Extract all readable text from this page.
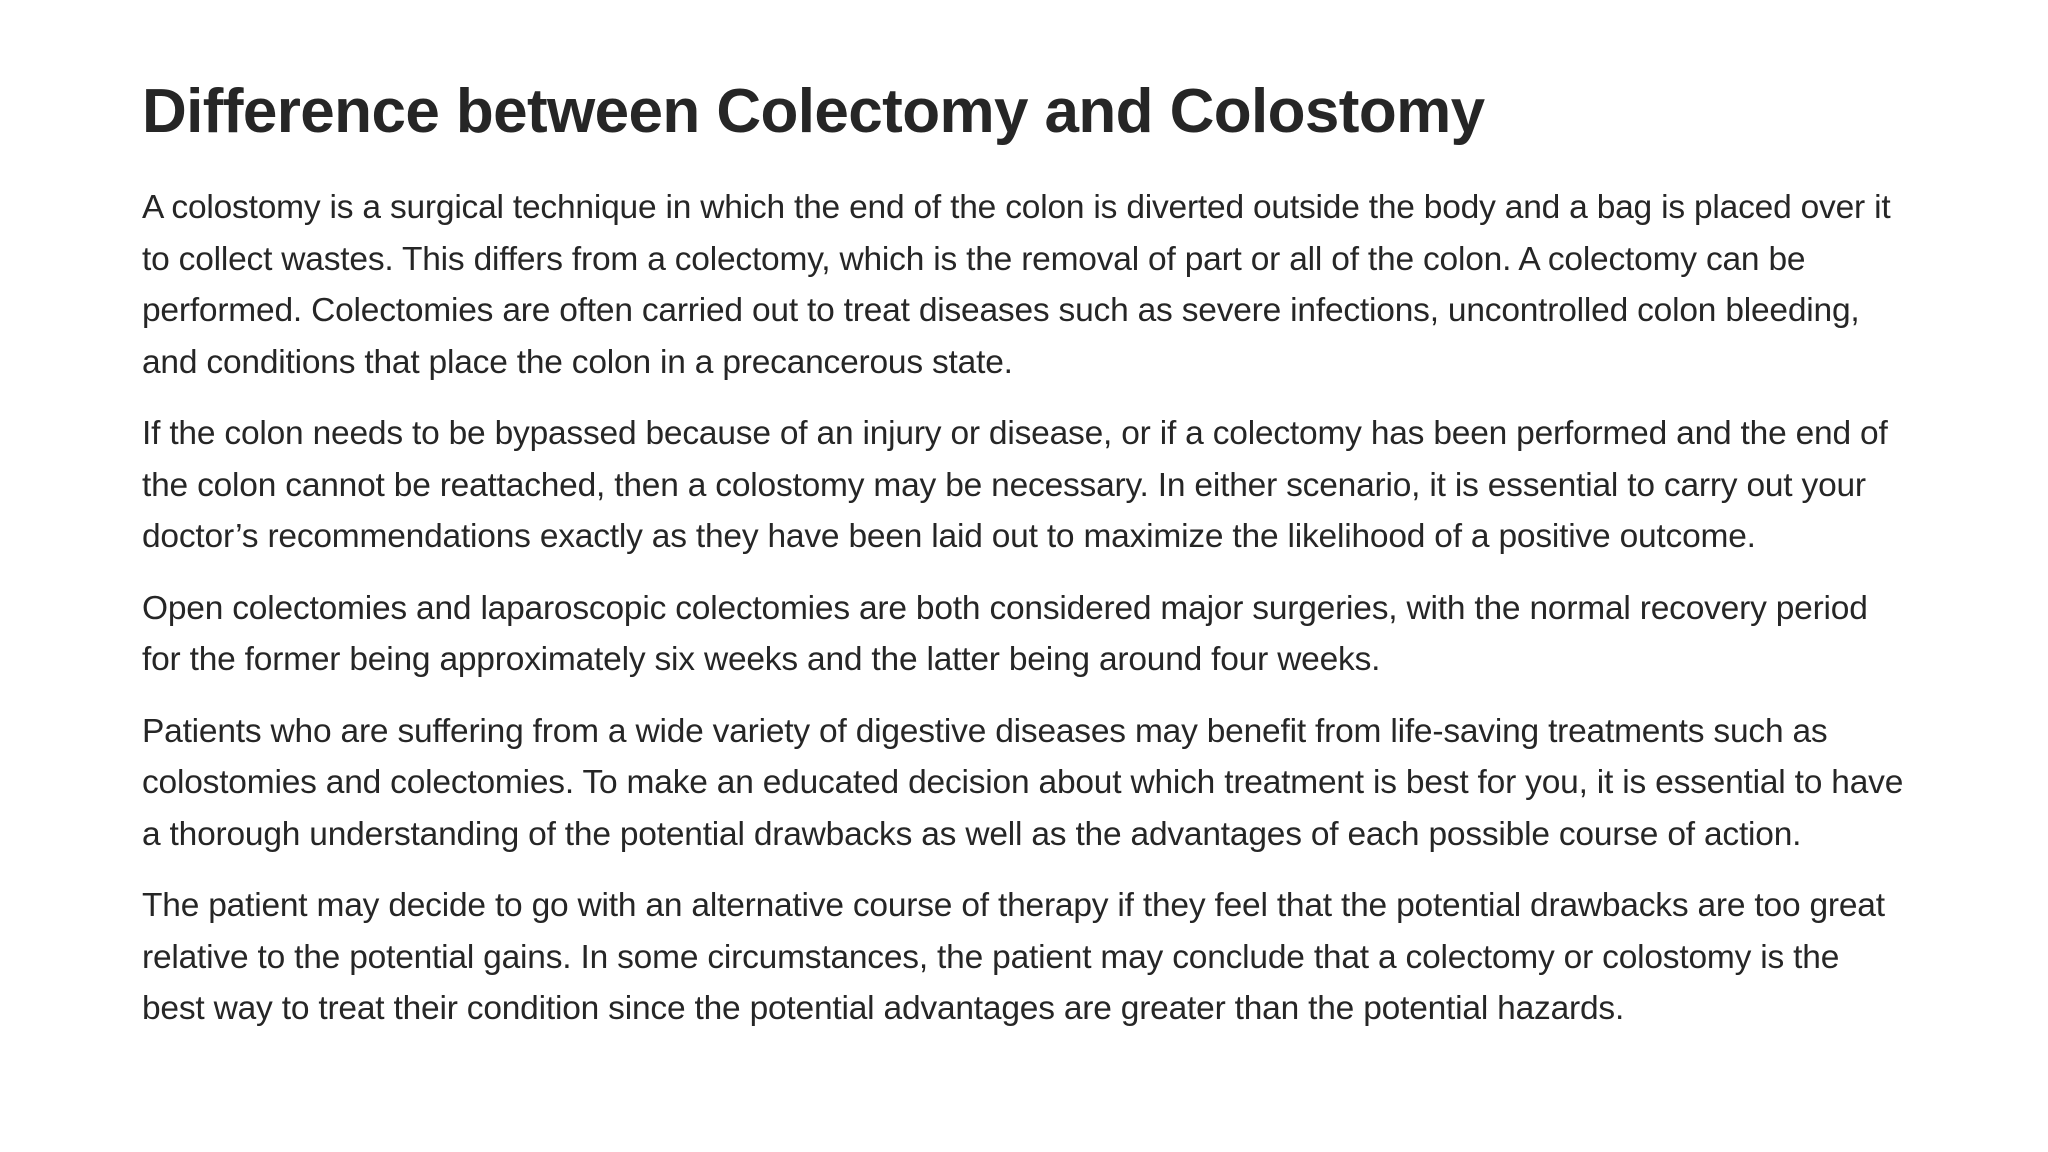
Difference between Colectomy and Colostomy

A colostomy is a surgical technique in which the end of the colon is diverted outside the body and a bag is placed over it to collect wastes. This differs from a colectomy, which is the removal of part or all of the colon. A colectomy can be performed. Colectomies are often carried out to treat diseases such as severe infections, uncontrolled colon bleeding, and conditions that place the colon in a precancerous state.

If the colon needs to be bypassed because of an injury or disease, or if a colectomy has been performed and the end of the colon cannot be reattached, then a colostomy may be necessary. In either scenario, it is essential to carry out your doctor’s recommendations exactly as they have been laid out to maximize the likelihood of a positive outcome.

Open colectomies and laparoscopic colectomies are both considered major surgeries, with the normal recovery period for the former being approximately six weeks and the latter being around four weeks.

Patients who are suffering from a wide variety of digestive diseases may benefit from life-saving treatments such as colostomies and colectomies. To make an educated decision about which treatment is best for you, it is essential to have a thorough understanding of the potential drawbacks as well as the advantages of each possible course of action.

The patient may decide to go with an alternative course of therapy if they feel that the potential drawbacks are too great relative to the potential gains. In some circumstances, the patient may conclude that a colectomy or colostomy is the best way to treat their condition since the potential advantages are greater than the potential hazards.
